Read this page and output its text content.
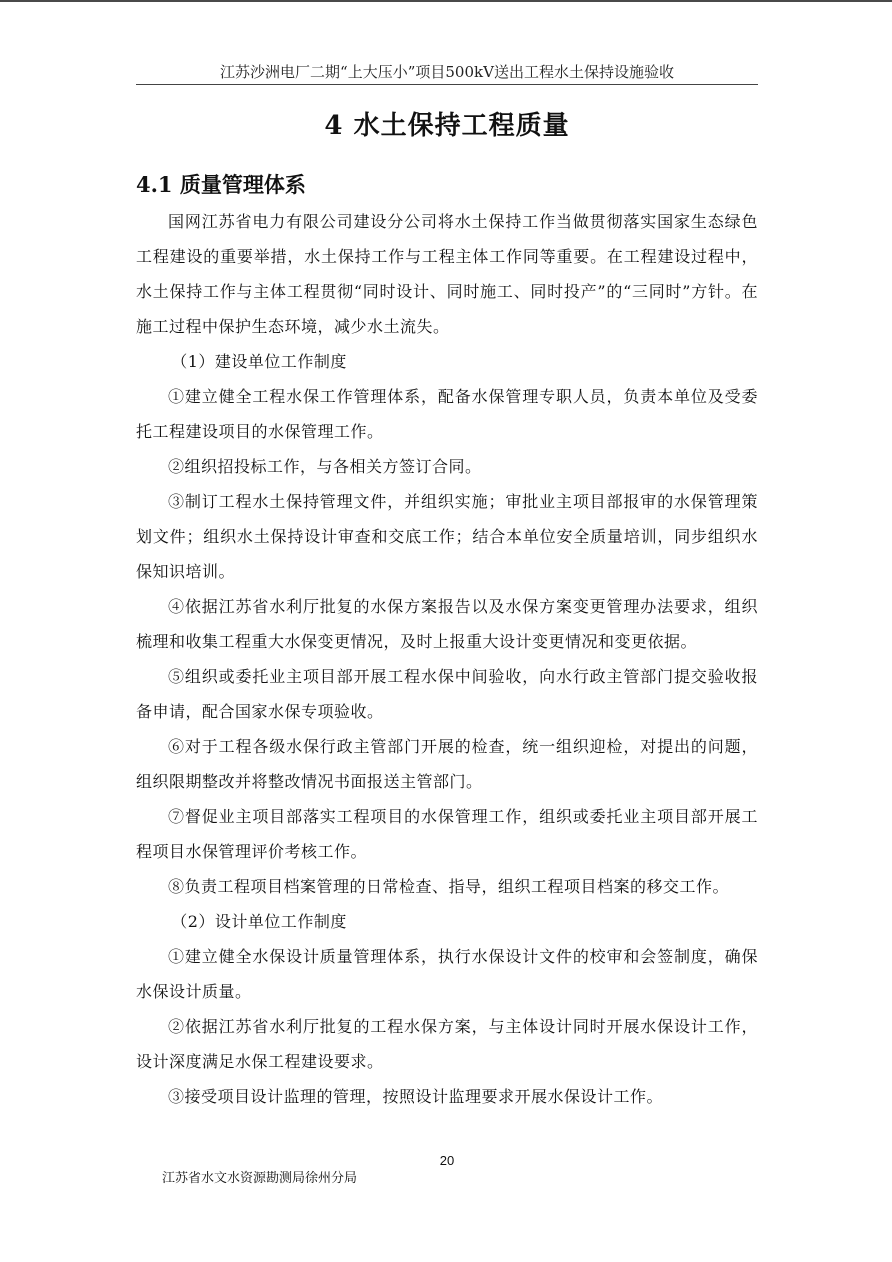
江苏沙洲电厂二期“上大压小”项目500kV送出工程水土保持设施验收
4 水土保持工程质量
4.1 质量管理体系

国网江苏省电力有限公司建设分公司将水土保持工作当做贯彻落实国家生态绿色工程建设的重要举措，水土保持工作与工程主体工作同等重要。在工程建设过程中，水土保持工作与主体工程贯彻“同时设计、同时施工、同时投产”的“三同时”方针。在施工过程中保护生态环境，减少水土流失。

（1）建设单位工作制度

①建立健全工程水保工作管理体系，配备水保管理专职人员，负责本单位及受委托工程建设项目的水保管理工作。

②组织招投标工作，与各相关方签订合同。

③制订工程水土保持管理文件，并组织实施；审批业主项目部报审的水保管理策划文件；组织水土保持设计审查和交底工作；结合本单位安全质量培训，同步组织水保知识培训。

④依据江苏省水利厅批复的水保方案报告以及水保方案变更管理办法要求，组织梳理和收集工程重大水保变更情况，及时上报重大设计变更情况和变更依据。

⑤组织或委托业主项目部开展工程水保中间验收，向水行政主管部门提交验收报备申请，配合国家水保专项验收。

⑥对于工程各级水保行政主管部门开展的检查，统一组织迎检，对提出的问题，组织限期整改并将整改情况书面报送主管部门。

⑦督促业主项目部落实工程项目的水保管理工作，组织或委托业主项目部开展工程项目水保管理评价考核工作。

⑧负责工程项目档案管理的日常检查、指导，组织工程项目档案的移交工作。

（2）设计单位工作制度

①建立健全水保设计质量管理体系，执行水保设计文件的校审和会签制度，确保水保设计质量。

②依据江苏省水利厅批复的工程水保方案，与主体设计同时开展水保设计工作，设计深度满足水保工程建设要求。

③接受项目设计监理的管理，按照设计监理要求开展水保设计工作。

20
江苏省水文水资源勘测局徐州分局
